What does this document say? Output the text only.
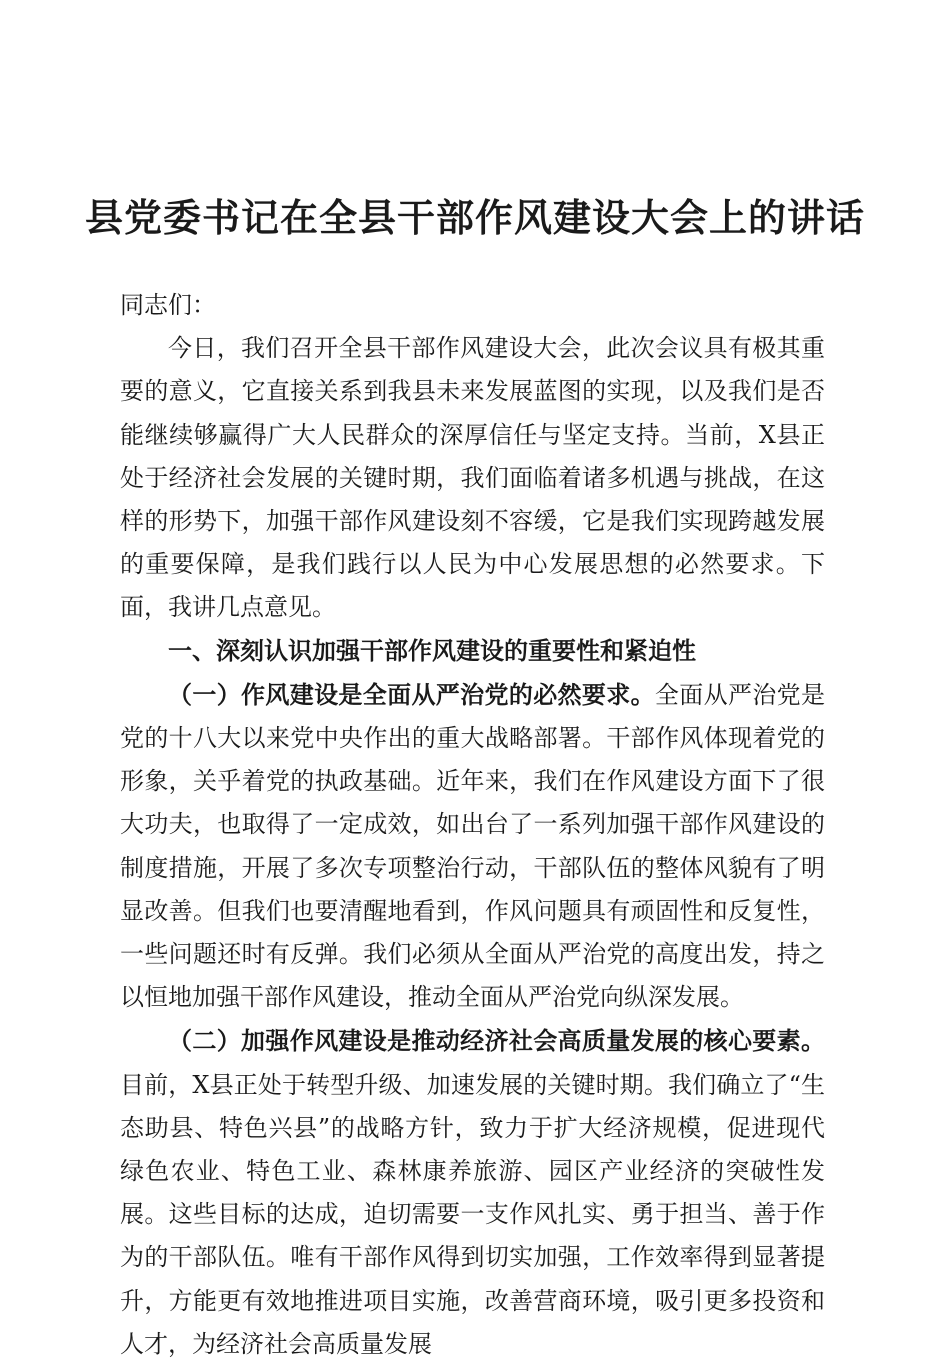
县党委书记在全县干部作风建设大会上的讲话

同志们：

今日，我们召开全县干部作风建设大会，此次会议具有极其重要的意义，它直接关系到我县未来发展蓝图的实现，以及我们是否能继续够赢得广大人民群众的深厚信任与坚定支持。当前，X县正处于经济社会发展的关键时期，我们面临着诸多机遇与挑战，在这样的形势下，加强干部作风建设刻不容缓，它是我们实现跨越发展的重要保障，是我们践行以人民为中心发展思想的必然要求。下面，我讲几点意见。

一、深刻认识加强干部作风建设的重要性和紧迫性

（一）作风建设是全面从严治党的必然要求。全面从严治党是党的十八大以来党中央作出的重大战略部署。干部作风体现着党的形象，关乎着党的执政基础。近年来，我们在作风建设方面下了很大功夫，也取得了一定成效，如出台了一系列加强干部作风建设的制度措施，开展了多次专项整治行动，干部队伍的整体风貌有了明显改善。但我们也要清醒地看到，作风问题具有顽固性和反复性，一些问题还时有反弹。我们必须从全面从严治党的高度出发，持之以恒地加强干部作风建设，推动全面从严治党向纵深发展。

（二）加强作风建设是推动经济社会高质量发展的核心要素。目前，X县正处于转型升级、加速发展的关键时期。我们确立了“生态助县、特色兴县”的战略方针，致力于扩大经济规模，促进现代绿色农业、特色工业、森林康养旅游、园区产业经济的突破性发展。这些目标的达成，迫切需要一支作风扎实、勇于担当、善于作为的干部队伍。唯有干部作风得到切实加强，工作效率得到显著提升，方能更有效地推进项目实施，改善营商环境，吸引更多投资和人才，为经济社会高质量发展
